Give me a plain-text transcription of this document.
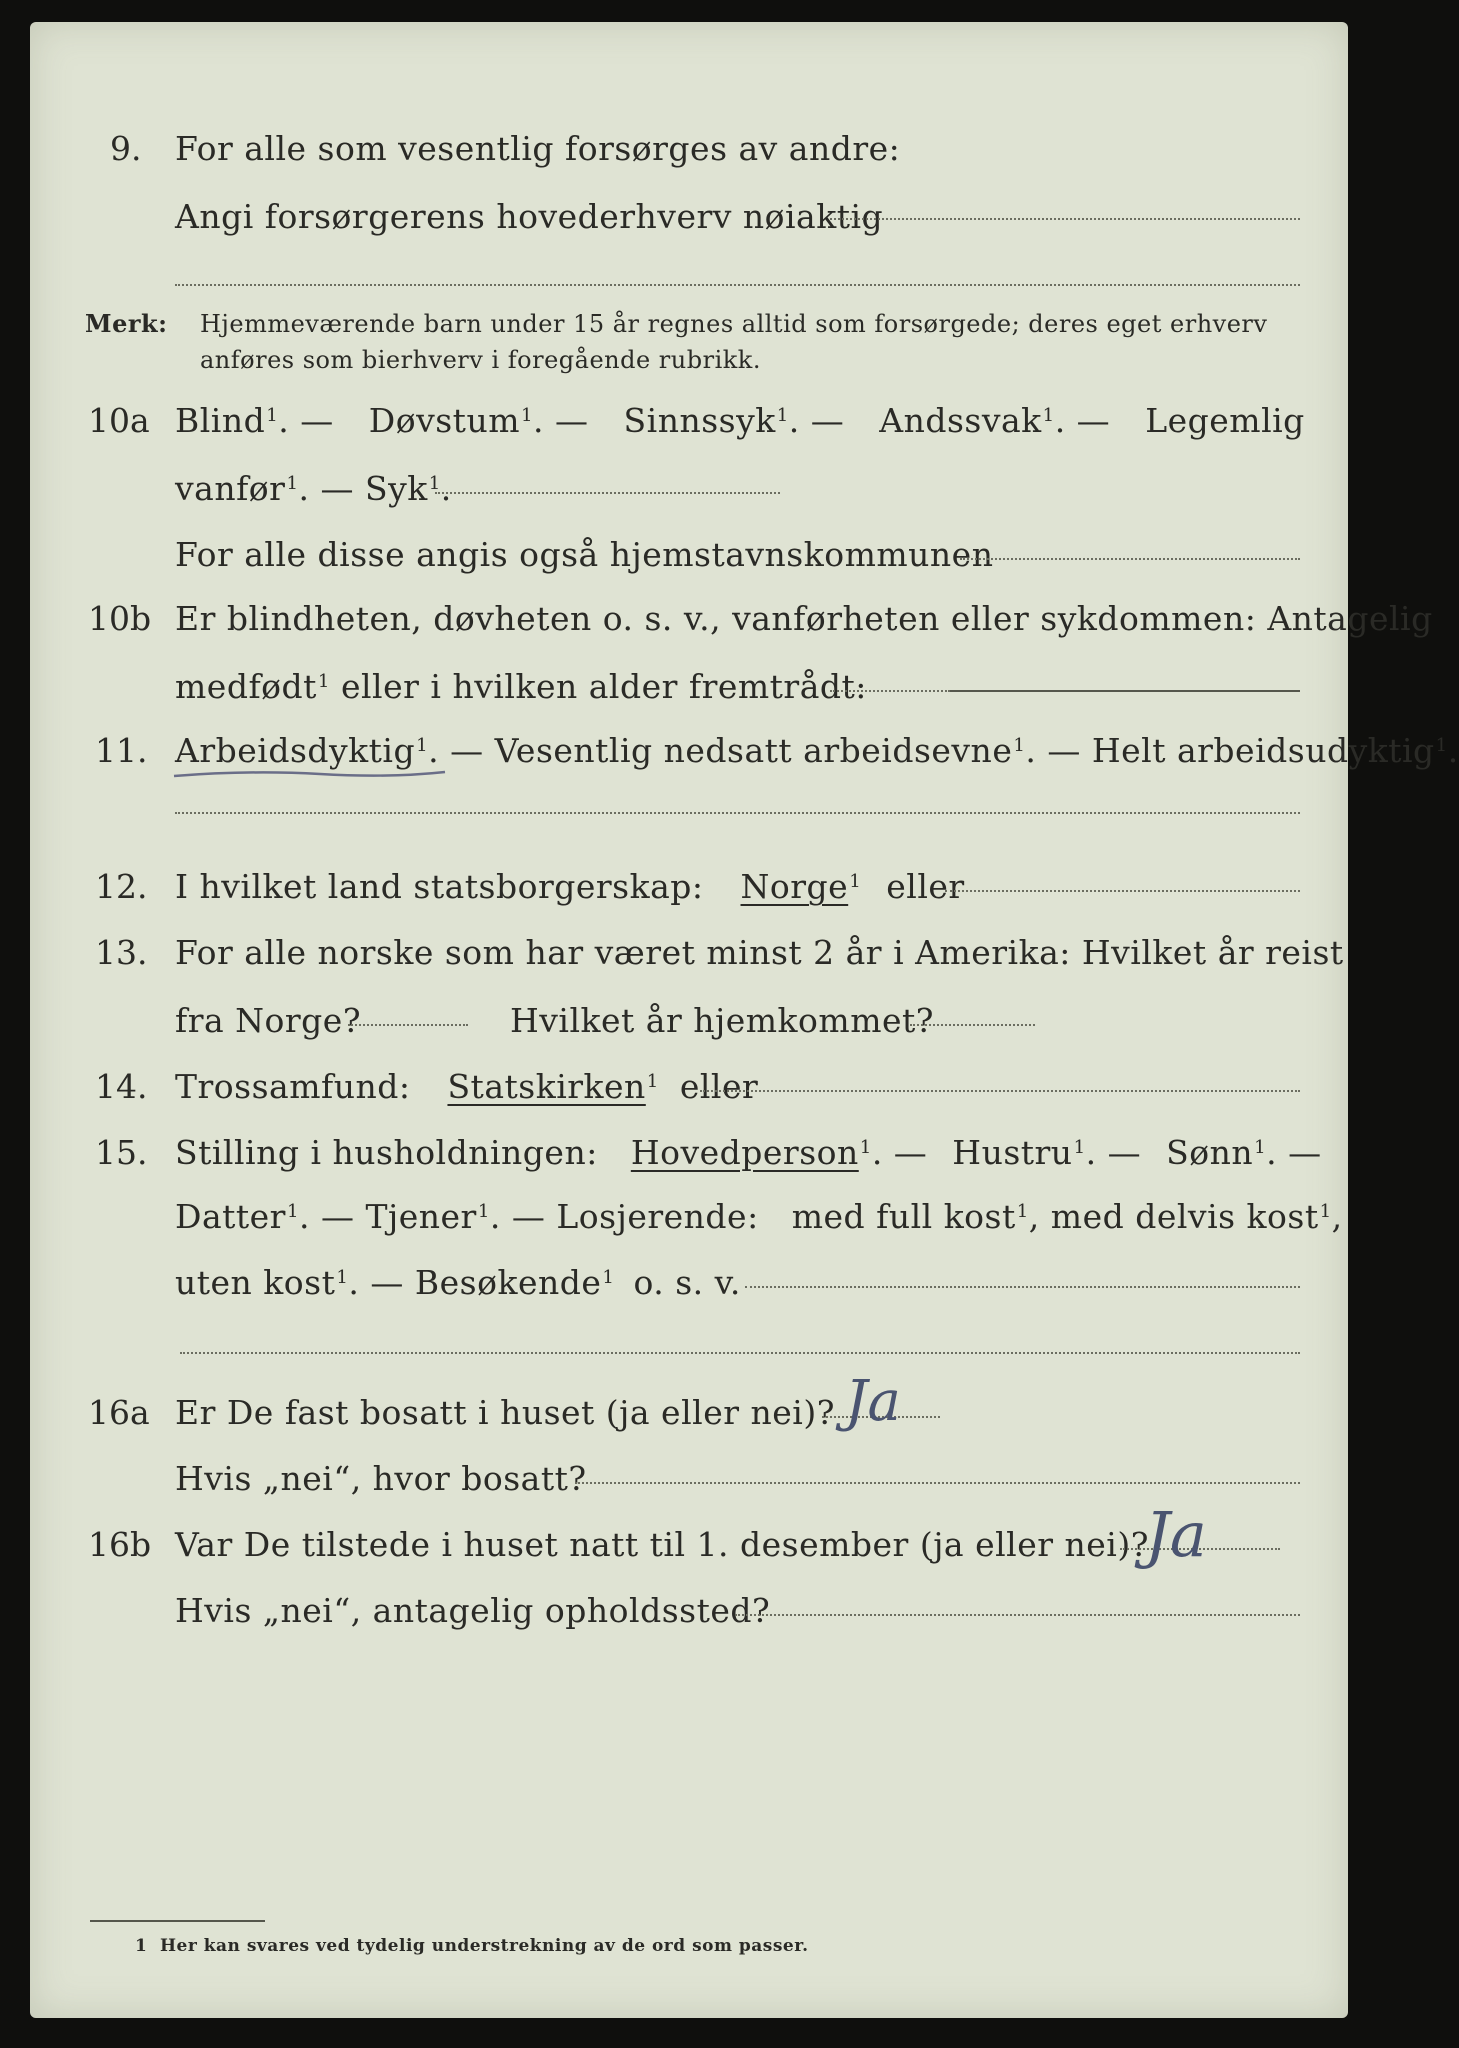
9. For alle som vesentlig forsørges av andre:
Angi forsørgerens hovederhverv nøiaktig
Merk: Hjemmeværende barn under 15 år regnes alltid som forsørgede; deres eget erhverv
anføres som bierhverv i foregående rubrikk.
10a Blind$^1$. — Døvstum$^1$. — Sinnssyk$^1$. — Andssvak$^1$. — Legemlig
vanfør$^1$. — Syk$^1$.
For alle disse angis også hjemstavnskommunen
10b Er blindheten, døvheten o. s. v., vanførheten eller sykdommen: Antagelig
medfødt$^1$ eller i hvilken alder fremtrådt:
11. Arbeidsdyktig$^1$. — Vesentlig nedsatt arbeidsevne$^1$. — Helt arbeidsudyktig$^1$.
12. I hvilket land statsborgerskap: Norge$^1$ eller
13. For alle norske som har været minst 2 år i Amerika: Hvilket år reist
fra Norge?	Hvilket år hjemkommet?
14. Trossamfund: Statskirken$^1$ eller
15. Stilling i husholdningen: Hovedperson$^1$. — Hustru$^1$. — Sønn$^1$. —
Datter$^1$. — Tjener$^1$. — Losjerende: med full kost$^1$, med delvis kost$^1$,
uten kost$^1$. — Besøkende$^1$ o. s. v.
16a Er De fast bosatt i huset (ja eller nei)? Ja
Hvis „nei“, hvor bosatt?
16b Var De tilstede i huset natt til 1. desember (ja eller nei)?
Ja
Hvis „nei“, antagelig opholdssted?
1 Her kan svares ved tydelig understrekning av de ord som passer.
